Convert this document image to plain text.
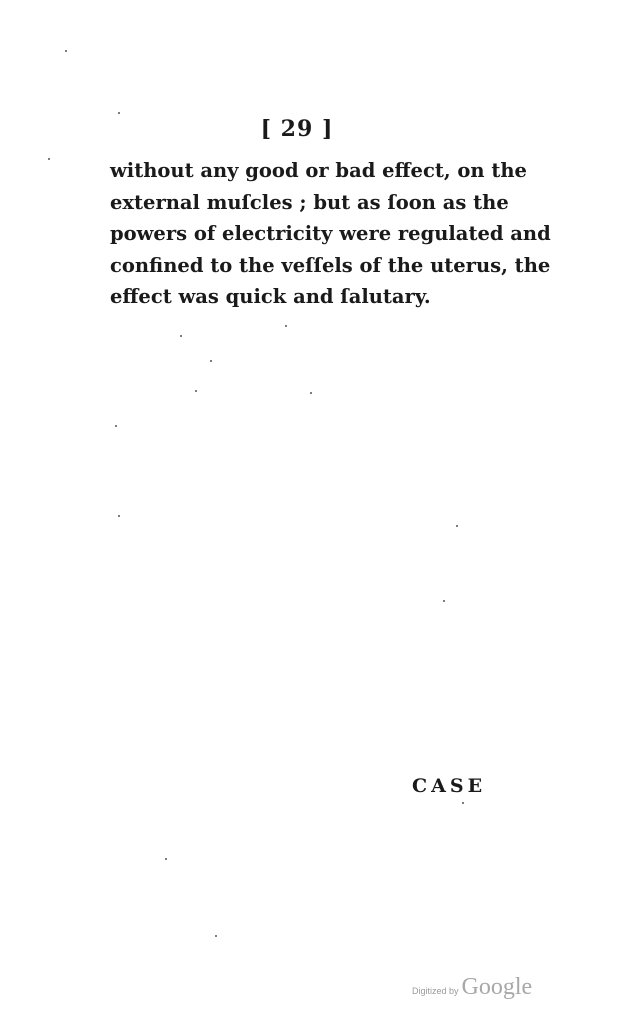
[ 29 ]
without any good or bad effect, on the
external muſcles ; but as ſoon as the
powers of electricity were regulated and
confined to the veſſels of the uterus, the
effect was quick and ſalutary.
CASE
Digitized by Google
